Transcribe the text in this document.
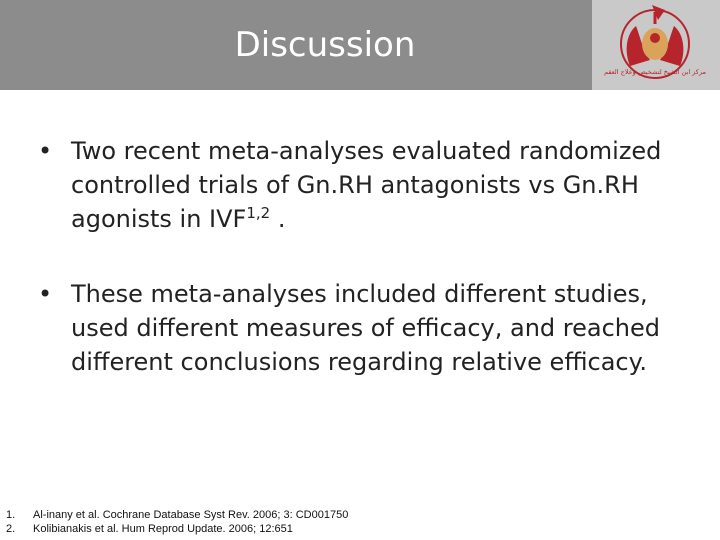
Discussion
مركز ابن الشيخ لتشخيص وعلاج العقم
• Two recent meta-analyses evaluated randomized controlled trials of Gn.RH antagonists vs Gn.RH agonists in IVF$^{1,2}$ .
• These meta-analyses included different studies, used different measures of efficacy, and reached different conclusions regarding relative efficacy.
1.	Al-inany et al. Cochrane Database Syst Rev. 2006; 3: CD001750
2.	Kolibianakis et al. Hum Reprod Update. 2006; 12:651
